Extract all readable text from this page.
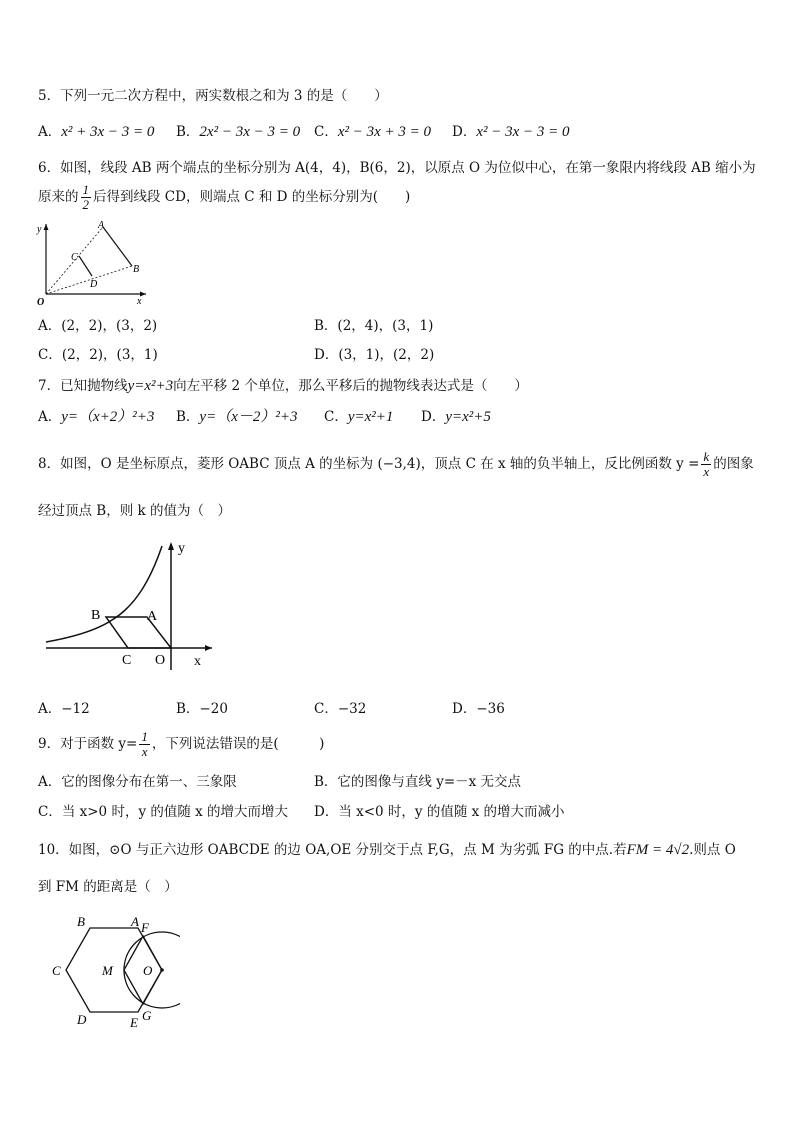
5．下列一元二次方程中，两实数根之和为 3 的是（　　）
A．x² + 3x − 3 = 0 B．2x² − 3x − 3 = 0 C．x² − 3x + 3 = 0 D．x² − 3x − 3 = 0
6．如图，线段 AB 两个端点的坐标分别为 A(4，4)，B(6，2)，以原点 O 为位似中心，在第一象限内将线段 AB 缩小为
原来的 $\frac{1}{2}$ 后得到线段 CD，则端点 C 和 D 的坐标分别为(　　)
y
x
O
A
B
C
D
A．(2，2)，(3，2)	B．(2，4)，(3，1)
C．(2，2)，(3，1)	D．(3，1)，(2，2)
7．已知抛物线y=x²+3向左平移 2 个单位，那么平移后的抛物线表达式是（　　）
A．y=（x+2）²+3 B．y=（x－2）²+3 C．y=x²+1 D．y=x²+5
8．如图，O 是坐标原点，菱形 OABC 顶点 A 的坐标为 (−3,4)，顶点 C 在 x 轴的负半轴上，反比例函数 $y = \frac{k}{x}$ 的图象
经过顶点 B，则 k 的值为（　）
y
x
O
B	A
C
A．−12	B．−20	C．−32	D．−36
9．对于函数 $y= \frac{1}{x}$ ，下列说法错误的是(　　　)
A．它的图像分布在第一、三象限	B．它的图像与直线 y=－x 无交点
C．当 x>0 时，y 的值随 x 的增大而增大 D．当 x<0 时，y 的值随 x 的增大而减小
10．如图，⊙O 与正六边形 OABCDE 的边 OA,OE 分别交于点 F,G，点 M 为劣弧 FG 的中点.若FM = 4√2.则点 O
到 FM 的距离是（　）
B	A F
C	M O
D	E G
